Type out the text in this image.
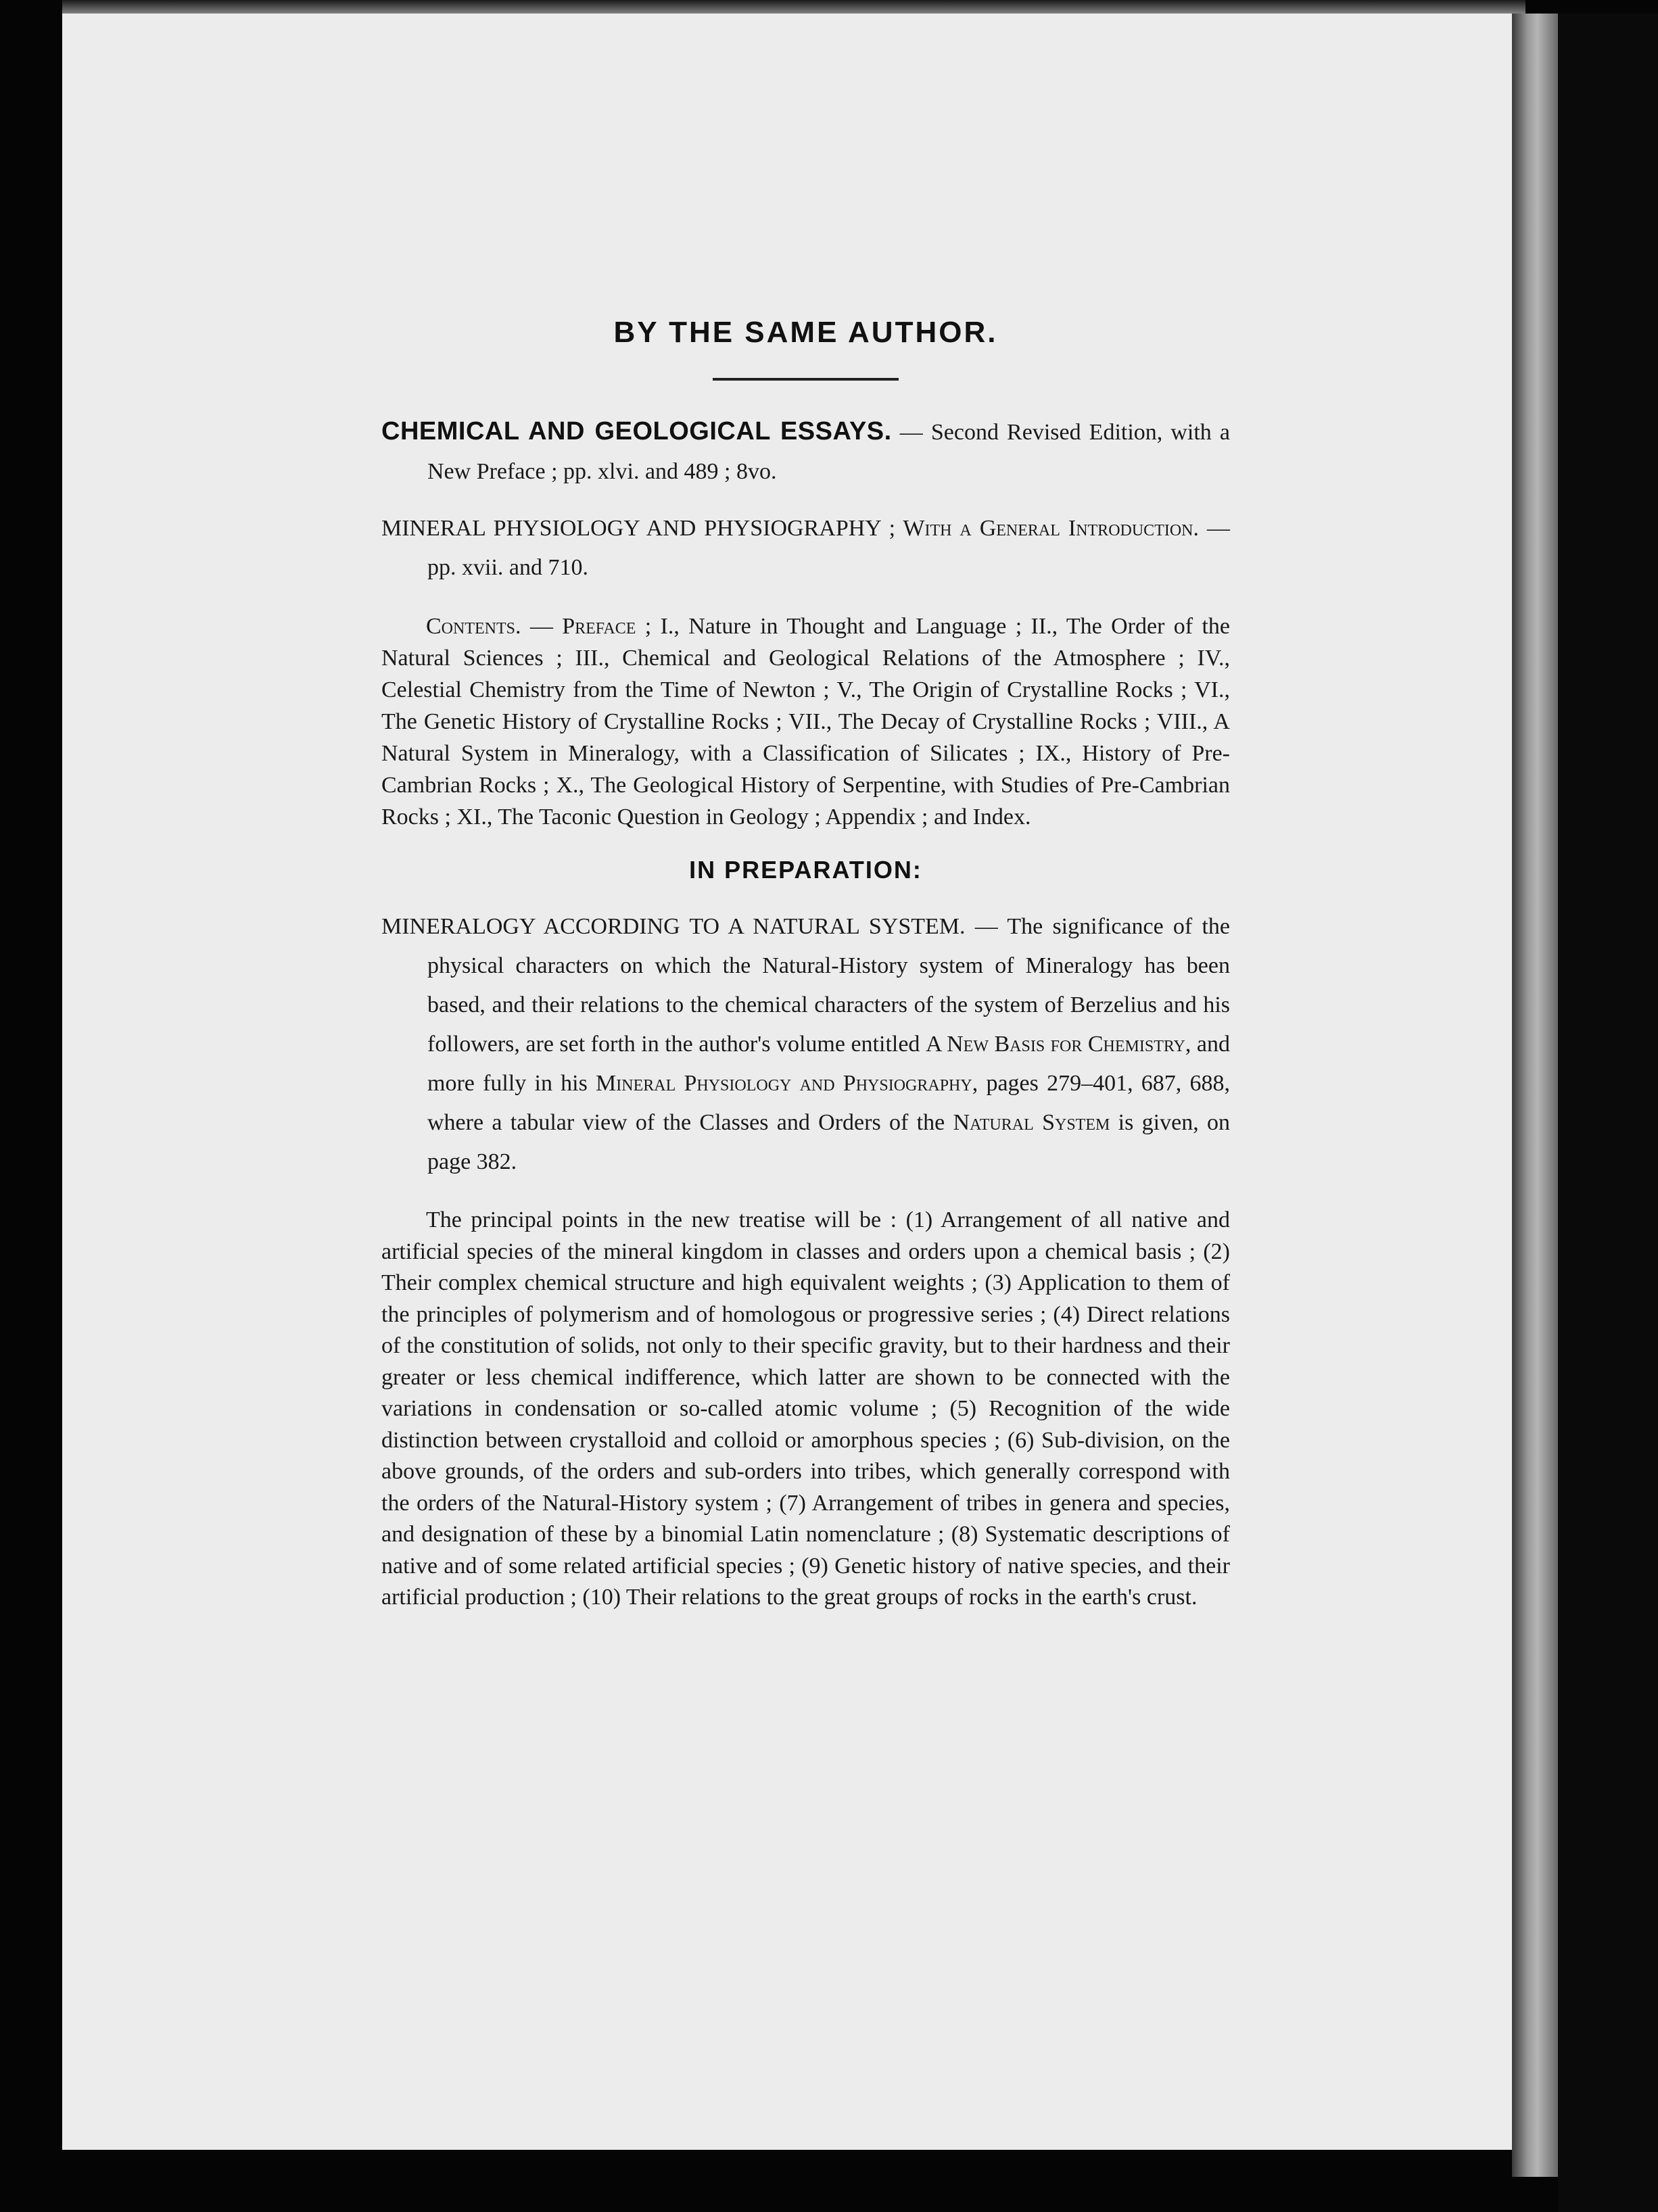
BY THE SAME AUTHOR.

CHEMICAL AND GEOLOGICAL ESSAYS. — Second Revised Edition, with a New Preface ; pp. xlvi. and 489 ; 8vo.

MINERAL PHYSIOLOGY AND PHYSIOGRAPHY ; With a General Introduction. — pp. xvii. and 710.

Contents. — Preface ; I., Nature in Thought and Language ; II., The Order of the Natural Sciences ; III., Chemical and Geological Relations of the Atmosphere ; IV., Celestial Chemistry from the Time of Newton ; V., The Origin of Crystalline Rocks ; VI., The Genetic History of Crystalline Rocks ; VII., The Decay of Crystalline Rocks ; VIII., A Natural System in Mineralogy, with a Classification of Silicates ; IX., History of Pre-Cambrian Rocks ; X., The Geological History of Serpentine, with Studies of Pre-Cambrian Rocks ; XI., The Taconic Question in Geology ; Appendix ; and Index.

IN PREPARATION:

MINERALOGY ACCORDING TO A NATURAL SYSTEM. — The significance of the physical characters on which the Natural-History system of Mineralogy has been based, and their relations to the chemical characters of the system of Berzelius and his followers, are set forth in the author's volume entitled A New Basis for Chemistry, and more fully in his Mineral Physiology and Physiography, pages 279–401, 687, 688, where a tabular view of the Classes and Orders of the Natural System is given, on page 382.

The principal points in the new treatise will be : (1) Arrangement of all native and artificial species of the mineral kingdom in classes and orders upon a chemical basis ; (2) Their complex chemical structure and high equivalent weights ; (3) Application to them of the principles of polymerism and of homologous or progressive series ; (4) Direct relations of the constitution of solids, not only to their specific gravity, but to their hardness and their greater or less chemical indifference, which latter are shown to be connected with the variations in condensation or so-called atomic volume ; (5) Recognition of the wide distinction between crystalloid and colloid or amorphous species ; (6) Sub-division, on the above grounds, of the orders and sub-orders into tribes, which generally correspond with the orders of the Natural-History system ; (7) Arrangement of tribes in genera and species, and designation of these by a binomial Latin nomenclature ; (8) Systematic descriptions of native and of some related artificial species ; (9) Genetic history of native species, and their artificial production ; (10) Their relations to the great groups of rocks in the earth's crust.
